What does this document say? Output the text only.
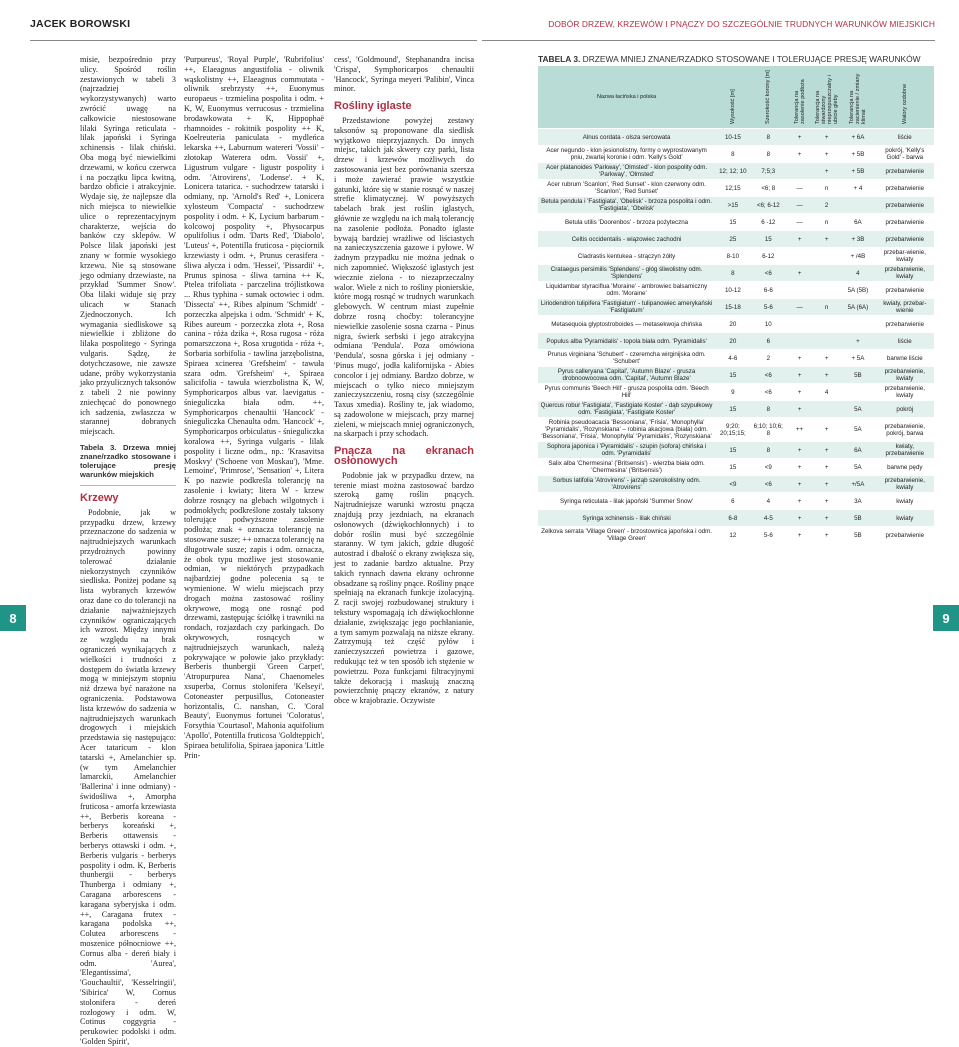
JACEK BOROWSKI	DOBÓR DRZEW, KRZEWÓW I PNĄCZY DO SZCZEGÓLNIE TRUDNYCH WARUNKÓW MIEJSKICH

misie, bezpośrednio przy ulicy. Spośród roślin zestawionych w tabeli 3 (najrzadziej wykorzystywanych) warto zwrócić uwagę na całkowicie niestosowane lilaki Syringa reticulata - lilak japoński i Syringa xchinensis - lilak chiński. Oba mogą być niewielkimi drzewami, w końcu czerwca i na początku lipca kwitną, bardzo obficie i atrakcyjnie. Wydaje się, że najlepsze dla nich miejsca to niewielkie ulice o reprezentacyjnym charakterze, wejścia do banków czy sklepów. W Polsce lilak japoński jest znany w formie wysokiego krzewu. Nie są stosowane jego odmiany drzewiaste, na przykład 'Summer Snow'. Oba lilaki widuje się przy ulicach w Stanach Zjednoczonych. Ich wymagania siedliskowe są niewielkie i zbliżone do lilaka pospolitego - Syringa vulgaris. Sądzę, że dotychczasowe, nie zawsze udane, próby wykorzystania jako przyulicznych taksonów z tabeli 2 nie powinny zniechęcać do ponownego ich sadzenia, zwłaszcza w starannej dobranych miejscach.

Tabela 3. Drzewa mniej znane/rzadko stosowane i tolerujące presję warunków miejskich
Krzewy

Podobnie, jak w przypadku drzew, krzewy przeznaczone do sadzenia w najtrudniejszych warunkach przydrożnych powinny tolerować działanie niekorzystnych czynników siedliska. Poniżej podane są lista wybranych krzewów oraz dane co do tolerancji na działanie najważniejszych czynników ograniczających ich wzrost. Między innymi ze względu na brak ograniczeń wynikających z wielkości i trudności z dostępem do światła krzewy mogą w mniejszym stopniu niż drzewa być narażone na ograniczenia. Podstawowa lista krzewów do sadzenia w najtrudniejszych warunkach drogowych i miejskich przedstawia się następująco: Acer tataricum - klon tatarski +, Amelanchier sp. (w tym Amelanchier lamarckii, Amelanchier 'Ballerina' i inne odmiany) - świdośliwa +, Amorpha fruticosa - amorfa krzewiasta ++, Berberis koreana - berberys koreański +, Berberis ottawensis - berberys ottawski i odm. +, Berberis vulgaris - berberys pospolity i odm. K, Berberis thunbergii - berberys Thunberga i odmiany +, Caragana arborescens - karagana syberyjska i odm. ++, Caragana frutex - karagana podolska ++, Colutea arborescens - moszenice północniowe ++, Cornus alba - dereń biały i odm. 'Aurea', 'Elegantissima', 'Gouchaultii', 'Kesselringii', 'Sibirica' W, Cornus stolonifera - dereń rozłogowy i odm. W, Cotinus coggygria - perukowiec podolski i odm. 'Golden Spirit',

'Purpureus', 'Royal Purple', 'Rubrifolius' ++, Elaeagnus angustifolia - oliwnik wąskolistny ++, Elaeagnus commutata - oliwnik srebrzysty ++, Euonymus europaeus - trzmielina pospolita i odm. + K, W, Euonymus verrucosus - trzmielina brodawkowata + K, Hippophaë rhamnoides - rokitnik pospolity ++ K, Koelreuteria paniculata - mydleńca lekarska ++, Laburnum watereri 'Vossii' - złotokap Waterera odm. Vossii' +, Ligustrum vulgare - ligustr pospolity i odm. 'Atrovirens', 'Lodense'. + K, Lonicera tatarica. - suchodrzew tatarski i odmiany, np. 'Arnold's Red' +, Lonicera xylosteum 'Compacta' - suchodrzew pospolity i odm. + K, Lycium barbarum - kolcowoj pospolity +, Physocarpus opulifolius i odm. 'Darts Red', 'Diabolo', 'Luteus' +, Potentilla fruticosa - pięciornik krzewiasty i odm. +, Prunus cerasifera - śliwa ałycza i odm. 'Hessei', 'Pissardii' +, Prunus spinosa - śliwa tarnina ++ K, Ptelea trifoliata - parczelina trójlistkowa ... Rhus typhina - sumak octowiec i odm. 'Dissecta' ++, Ribes alpinum 'Schmidt' - porzeczka alpejska i odm. 'Schmidt' + K, Ribes aureum - porzeczka złota +, Rosa canina - róża dzika +, Rosa rugosa - róża pomarszczona +, Rosa xrugotida - róża +, Sorbaria sorbifolia - tawlina jarzębolistna, Spiraea xcinerea 'Grefsheim' - tawuła szara odm. 'Grefsheim' +, Spiraea salicifolia - tawuła wierzbolistna K, W, Symphoricarpos albus var. laevigatus - śnieguliczka biała odm. ++, Symphoricarpos chenaultii 'Hancock' - śnieguliczka Chenaulta odm. 'Hancock' +, Symphoricarpos orbiculatus - śnieguliczka koralowa ++, Syringa vulgaris - lilak pospolity i liczne odm., np.: 'Krasavitsa Moskvy' ('Schoene von Moskau'), 'Mme. Lemoine', 'Primrose', 'Sensation' +, Litera K po nazwie podkreśla tolerancję na zasolenie i kwiaty; litera W - krzew dobrze rosnący na glebach wilgotnych i podmokłych; podkreślone zostały taksony tolerujące podwyższone zasolenie podłoża; znak + oznacza tolerancję na stosowane susze; ++ oznacza tolerancję na długotrwałe susze; zapis i odm. oznacza, że obok typu możliwe jest stosowanie odmian, w niektórych przypadkach najbardziej godne polecenia są te wymienione. W wielu miejscach przy drogach można zastosować rośliny okrywowe, mogą one rosnąć pod drzewami, zastępując ściółkę i trawniki na rondach, rozjazdach czy parkingach. Do okrywowych, rosnących w najtrudniejszych warunkach, należą pokrywające w połowie jako przykłady: Berberis thunbergii 'Green Carpet', 'Atropurpurea Nana', Chaenomeles xsuperba, Cornus stolonifera 'Kelseyi', Cotoneaster perpusillus, Cotoneaster horizontalis, C. nanshan, C. 'Coral Beauty', Euonymus fortunei 'Coloratus', Forsythia 'Courtasol', Mahonia aquifolium 'Apollo', Potentilla fruticosa 'Goldteppich', Spiraea betulifolia, Spiraea japonica 'Little Prin-

cess', 'Goldmound', Stephanandra incisa 'Crispa', Symphoricarpos chenaultii 'Hancock', Syringa meyeri 'Palibin', Vinca minor.

Rośliny iglaste

Przedstawione powyżej zestawy taksonów są proponowane dla siedlisk wyjątkowo nieprzyjaznych. Do innych miejsc, takich jak skwery czy parki, lista drzew i krzewów możliwych do zastosowania jest bez porównania szersza i może zawierać prawie wszystkie gatunki, które się w stanie rosnąć w naszej strefie klimatycznej. W powyższych tabelach brak jest roślin iglastych, głównie ze względu na ich małą tolerancję na zasolenie podłoża. Ponadto iglaste bywają bardziej wrażliwe od liściastych na zanieczyszczenia gazowe i pyłowe. W żadnym przypadku nie można jednak o nich zapomnieć. Większość iglastych jest wiecznie zielona - to niezaprzeczalny walor. Wiele z nich to rośliny pionierskie, które mogą rosnąć w trudnych warunkach glebowych. W centrum miast zupełnie dobrze rosną choćby: tolerancyjne niewielkie zasolenie sosna czarna - Pinus nigra, świerk serbski i jego atrakcyjna odmiana 'Pendula'. Poza omówiona 'Pendula', sosna górska i jej odmiany - 'Pinus mugo', jodła kalifornijska - Abies concolor i jej odmiany. Bardzo dobrze, w miejscach o tylko nieco mniejszym zanieczyszczeniu, rosną cisy (szczególnie Taxus xmedia). Rośliny te, jak wiadomo, są zadowolone w miejscach, przy marnej zieleni, w miejscach mniej ograniczonych, na skarpach i przy schodach.

Pnącza na ekranach osłonowych

Podobnie jak w przypadku drzew, na terenie miast można zastosować bardzo szeroką gamę roślin pnących. Najtrudniejsze warunki wzrostu pnącza znajdują przy jezdniach, na ekranach osłonowych (dźwiękochłonnych) i to dobór roślin musi być szczególnie staranny. W tym jakich, gdzie długość autostrad i dbałość o ekrany zwiększa się, jest to zadanie bardzo aktualne. Przy takich rynnach dawna ekrany ochronne obsadzane są rośliny pnące. Rośliny pnące spełniają na ekranach funkcje izolacyjną. Z racji swojej rozbudowanej struktury i tekstury wspomagają ich dźwiękochłonne działanie, zwiększając jego pochłanianie, a tym samym pozwalają na niższe ekrany. Zatrzymują też część pyłów i zanieczyszczeń powietrza i gazowe, redukując też w ten sposób ich stężenie w powietrzu. Poza funkcjami filtracyjnymi także dekoracją i maskują znaczną powierzchnię pnączy ekranów, z natury obce w krajobrazie. Oczywiste

TABELA 3. DRZEWA MNIEJ ZNANE/RZADKO STOSOWANE I TOLERUJĄCE PRESJĘ WARUNKÓW
Nazwa łacińska i polska	Wysokość [m]	Szerokość korony [m]	Tolerancja na zasolenie podłoża	Tolerancja na stwardzony nieprzepuszczalny i ubicie gleby	Tolerancja na zacienienie / zmiany klimat	Walory ozdobne
Alnus cordata - olsza sercowata	10-15	8	+	+	+ 6A	liście
Acer negundo - klon jesionolistny, formy o wyprostowanym pniu, zwartej koronie i odm. 'Kelly's Gold'	8	8	+	+	+ 5B	pokrój, 'Kelly's Gold' - barwa
Acer platanoides 'Parkway', 'Olmsted' - klon pospolity odm. 'Parkway', 'Olmsted'	12; 12; 10	7;5;3		+	+ 5B	przebarwienie
Acer rubrum 'Scanlon', 'Red Sunset' - klon czerwony odm. 'Scanlon', 'Red Sunset'	12;15	<6; 8	—	n	+ 4	przebarwienie
Betula pendula i 'Fastigiata', 'Obelisk' - brzoza pospolita i odm. 'Fastigiata', 'Obelisk'	>15	<6; 6-12	—	2		przebarwienie
Betula utilis 'Doorenbos' - brzoza pożyteczna	15	6 -12	—	n	6A	przebarwienie
Celtis occidentalis - wiązowiec zachodni	25	15	+	+	+ 3B	przebarwienie
Cladrastis kentukea - strączyn żółty	8-10	6-12			+ /4B	przebar-wienie, kwiaty
Crataegus persimilis 'Splendens' - głóg śliwolistny odm. 'Splendens'	8	<6	+		4	przebarwienie, kwiaty
Liquidambar styraciflua 'Moraine' - ambrowiec balsamiczny odm. 'Moraine'	10-12	6-6			5A (5B)	przebarwienie
Liriodendron tulipifera 'Fastigiatum' - tulipanowiec amerykański 'Fastigiatum'	15-18	5-6	—	n	5A (6A)	kwiaty, przebar-wienie
Metasequoia glyptostroboides — metasekwoja chińska	20	10				przebarwienie
Populus alba 'Pyramidalis' - topola biała odm. 'Pyramidalis'	20	6			+	liście
Prunus virginiana 'Schubert' - czeremcha wirginijska odm. 'Schubert'	4-6	2	+	+	+ 5A	barwne liście
Pyrus calleryana 'Capital', 'Autumn Blaze' - grusza drobnoowocowa odm. 'Capital', 'Autumn Blaze'	15	<6	+	+	5B	przebarwienie, kwiaty
Pyrus communis 'Beech Hill' - grusza pospolita odm. 'Beech Hill'	9	<6	+	4		przebarwienie, kwiaty
Quercus robur 'Fastigiata', 'Fastigiate Koster' - dąb szypułkowy odm. 'Fastigiata', 'Fastigiate Koster'	15	8	+		5A	pokrój
Robinia pseudoacacia 'Bessoniana', 'Frisia', 'Monophylla' 'Pyramidalis', 'Rozynskiana' – robinia akacjowa (biała) odm. 'Bessoniana', 'Frisia', 'Monophylla' 'Pyramidalis', 'Rozynskiana'	9;20; 20;15;15;	6;10; 10;6; 8	++	+	5A	przebarwienie, pokrój, barwa
Sophora japonica i 'Pyramidalis' - szupin (sofora) chińska i odm. 'Pyramidalis'	15	8	+	+	6A	kwiaty, przebarwienie
Salix alba 'Chermesina' ('Britsensis') - wierzba biała odm. 'Chermesina' ('Britsensis')	15	<9	+	+	5A	barwne pędy
Sorbus latifolia 'Atrovirens' - jarząb szerokolistny odm. 'Atrovirens'	<9	<6	+	+	+/5A	przebarwienie, kwiaty
Syringa reticulata - lilak japoński 'Summer Snow'	6	4	+	+	3A	kwiaty
Syringa xchinensis - lilak chiński	6-8	4-5	+	+	5B	kwiaty
Zelkova serrata 'Village Green' - brzostownica japońska i odm. 'Village Green'	12	5-6	+	+	5B	przebarwienie
8	9
